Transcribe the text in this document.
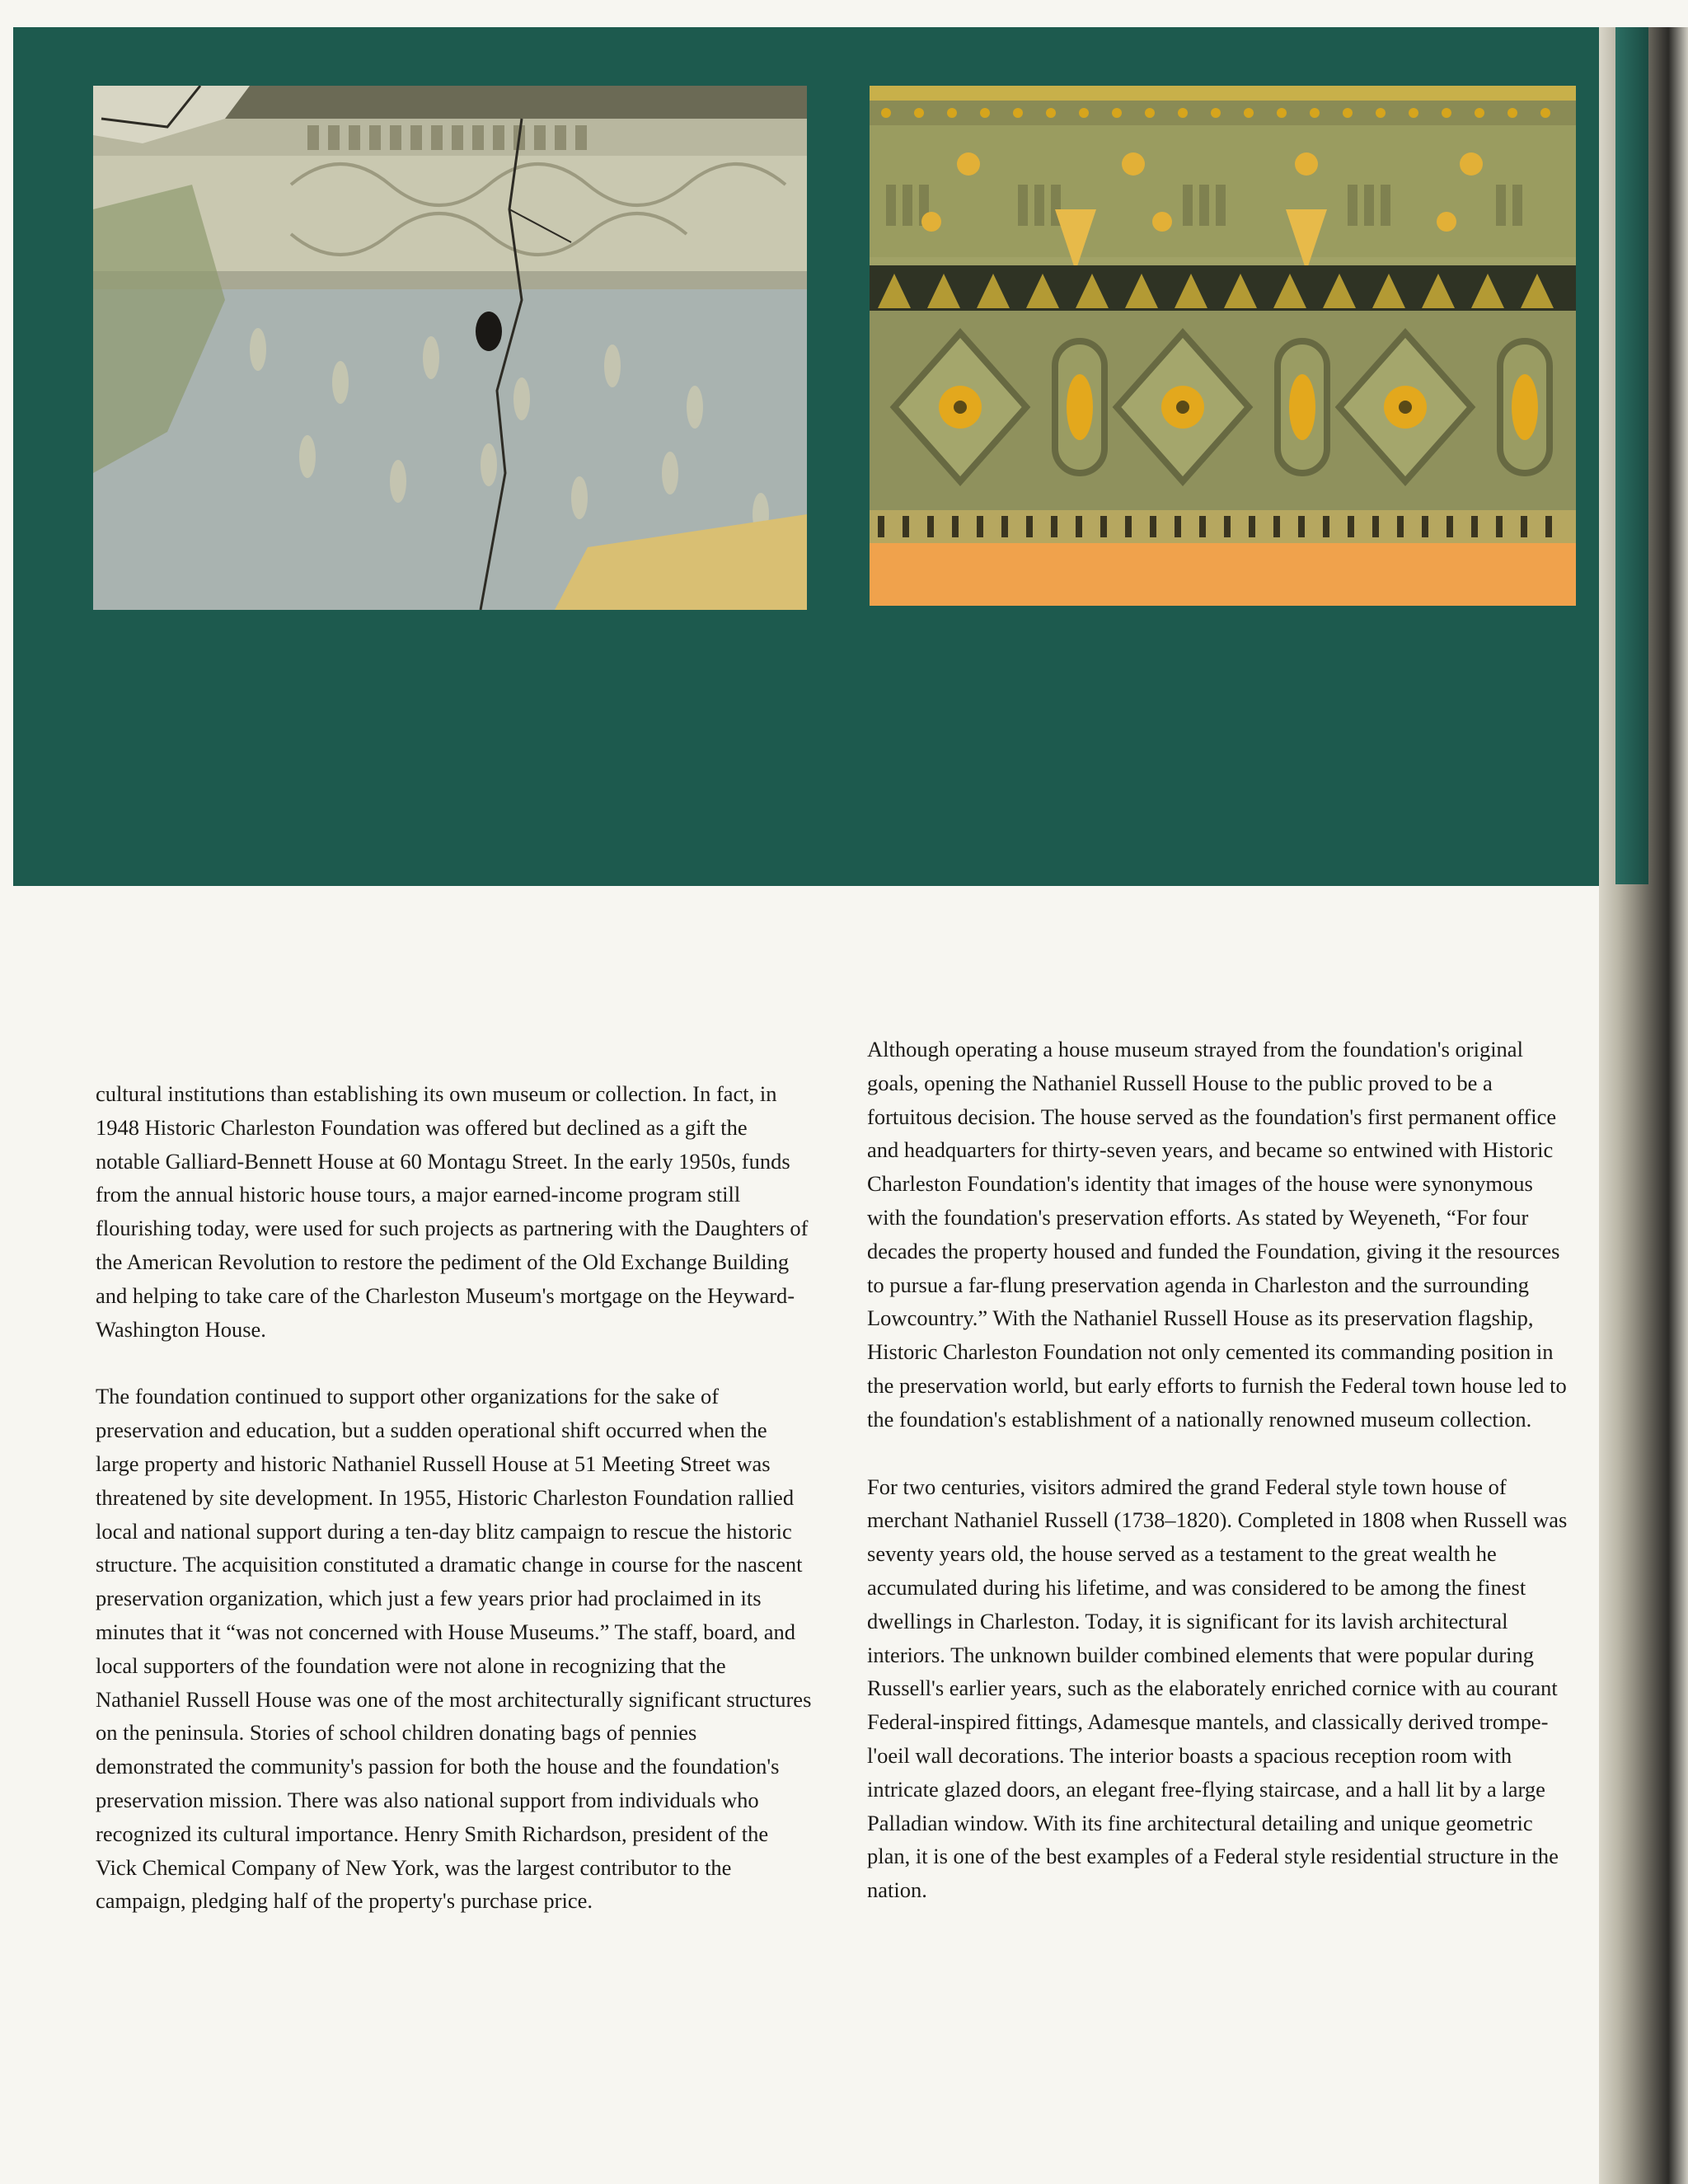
cultural institutions than establishing its own museum or collection. In fact, in 1948 Historic Charleston Foundation was offered but declined as a gift the notable Galliard-Bennett House at 60 Montagu Street. In the early 1950s, funds from the annual historic house tours, a major earned-income program still flourishing today, were used for such projects as partnering with the Daughters of the American Revolution to restore the pediment of the Old Exchange Building and helping to take care of the Charleston Museum's mortgage on the Heyward-Washington House.

The foundation continued to support other organizations for the sake of preservation and education, but a sudden operational shift occurred when the large property and historic Nathaniel Russell House at 51 Meeting Street was threatened by site development. In 1955, Historic Charleston Foundation rallied local and national support during a ten-day blitz campaign to rescue the historic structure. The acquisition constituted a dramatic change in course for the nascent preservation organization, which just a few years prior had proclaimed in its minutes that it “was not concerned with House Museums.” The staff, board, and local supporters of the foundation were not alone in recognizing that the Nathaniel Russell House was one of the most architecturally significant structures on the peninsula. Stories of school children donating bags of pennies demonstrated the community's passion for both the house and the foundation's preservation mission. There was also national support from individuals who recognized its cultural importance. Henry Smith Richardson, president of the Vick Chemical Company of New York, was the largest contributor to the campaign, pledging half of the property's purchase price.

Although operating a house museum strayed from the foundation's original goals, opening the Nathaniel Russell House to the public proved to be a fortuitous decision. The house served as the foundation's first permanent office and headquarters for thirty-seven years, and became so entwined with Historic Charleston Foundation's identity that images of the house were synonymous with the foundation's preservation efforts. As stated by Weyeneth, “For four decades the property housed and funded the Foundation, giving it the resources to pursue a far-flung preservation agenda in Charleston and the surrounding Lowcountry.” With the Nathaniel Russell House as its preservation flagship, Historic Charleston Foundation not only cemented its commanding position in the preservation world, but early efforts to furnish the Federal town house led to the foundation's establishment of a nationally renowned museum collection.

For two centuries, visitors admired the grand Federal style town house of merchant Nathaniel Russell (1738–1820). Completed in 1808 when Russell was seventy years old, the house served as a testament to the great wealth he accumulated during his lifetime, and was considered to be among the finest dwellings in Charleston. Today, it is significant for its lavish architectural interiors. The unknown builder combined elements that were popular during Russell's earlier years, such as the elaborately enriched cornice with au courant Federal-inspired fittings, Adamesque mantels, and classically derived trompe-l'oeil wall decorations. The interior boasts a spacious reception room with intricate glazed doors, an elegant free-flying staircase, and a hall lit by a large Palladian window. With its fine architectural detailing and unique geometric plan, it is one of the best examples of a Federal style residential structure in the nation.
